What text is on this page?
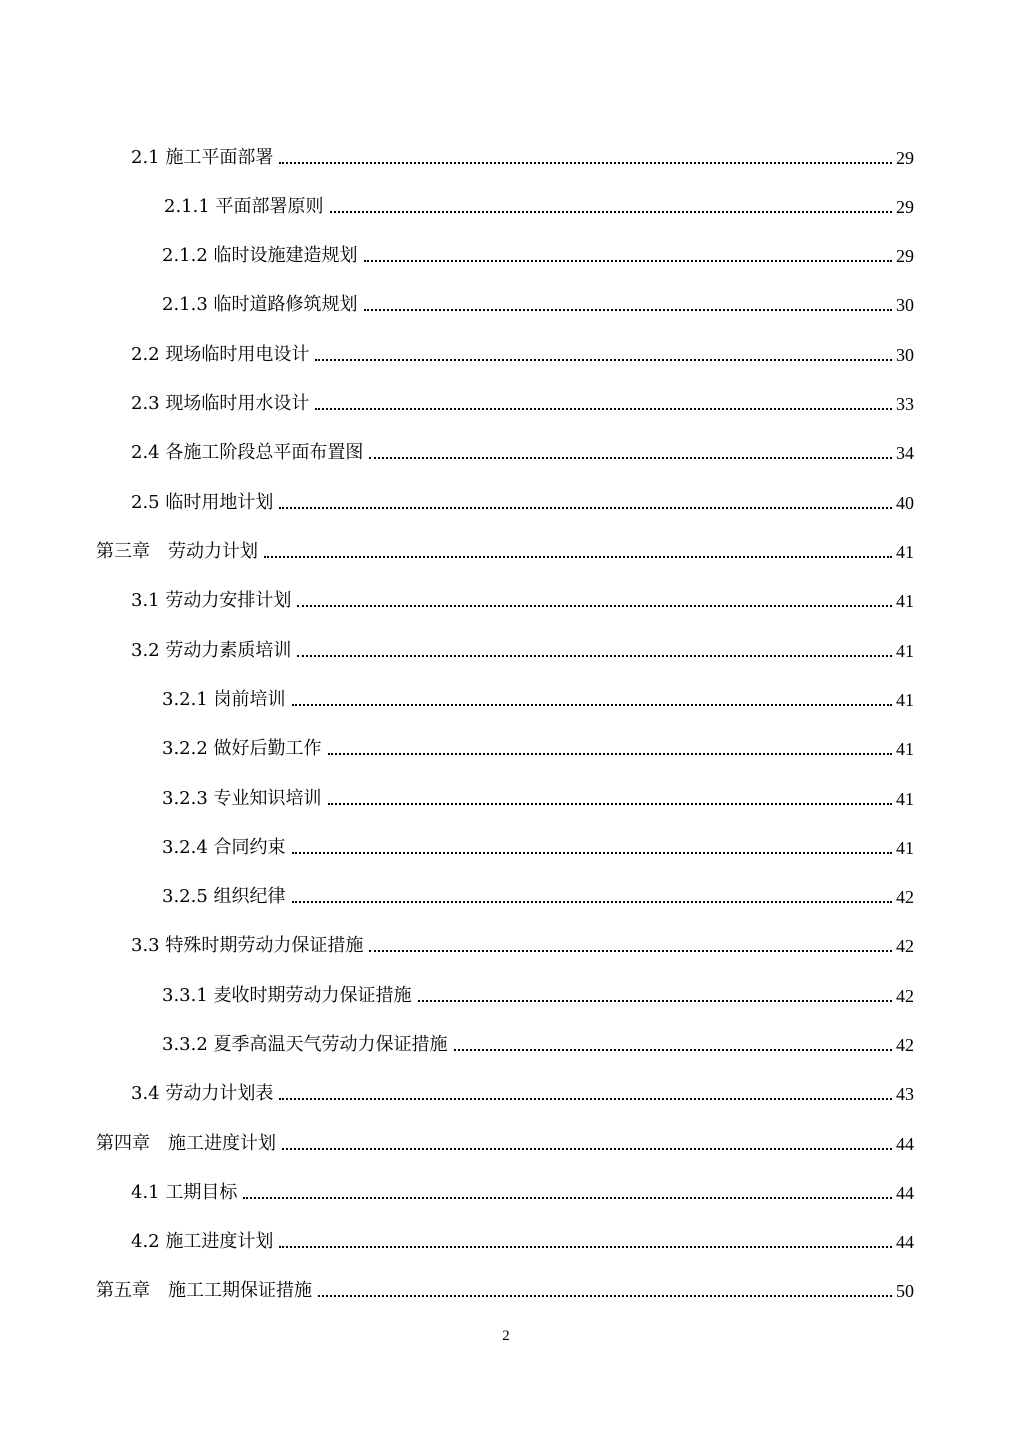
2.1 施工平面部署	29
2.1.1 平面部署原则	29
2.1.2 临时设施建造规划	29
2.1.3 临时道路修筑规划	30
2.2 现场临时用电设计	30
2.3 现场临时用水设计	33
2.4 各施工阶段总平面布置图	34
2.5 临时用地计划	40
第三章　劳动力计划	41
3.1 劳动力安排计划	41
3.2 劳动力素质培训	41
3.2.1 岗前培训	41
3.2.2 做好后勤工作	41
3.2.3 专业知识培训	41
3.2.4 合同约束	41
3.2.5 组织纪律	42
3.3 特殊时期劳动力保证措施	42
3.3.1 麦收时期劳动力保证措施	42
3.3.2 夏季高温天气劳动力保证措施	42
3.4 劳动力计划表	43
第四章　施工进度计划	44
4.1 工期目标	44
4.2 施工进度计划	44
第五章　施工工期保证措施	50
2
